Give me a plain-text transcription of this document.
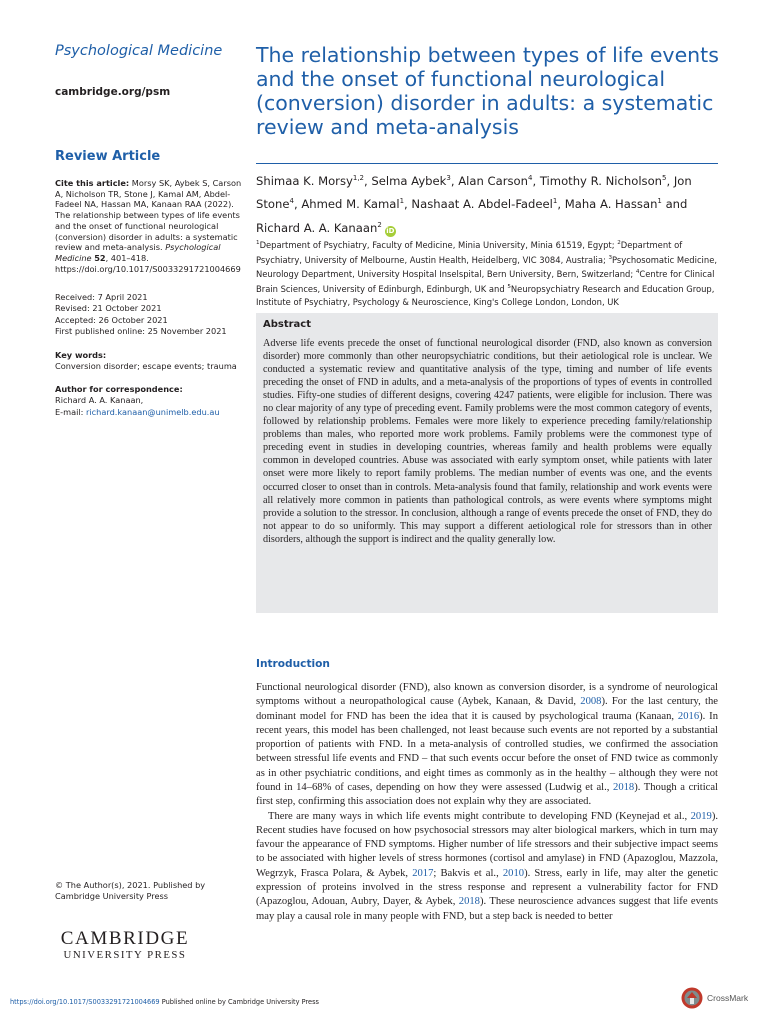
Psychological Medicine
cambridge.org/psm
Review Article
Cite this article: Morsy SK, Aybek S, Carson A, Nicholson TR, Stone J, Kamal AM, Abdel-Fadeel NA, Hassan MA, Kanaan RAA (2022). The relationship between types of life events and the onset of functional neurological (conversion) disorder in adults: a systematic review and meta-analysis. Psychological Medicine 52, 401–418. https://doi.org/10.1017/S0033291721004669
Received: 7 April 2021
Revised: 21 October 2021
Accepted: 26 October 2021
First published online: 25 November 2021
Key words:
Conversion disorder; escape events; trauma
Author for correspondence:
Richard A. A. Kanaan,
E-mail: richard.kanaan@unimelb.edu.au
© The Author(s), 2021. Published by Cambridge University Press
CAMBRIDGE
UNIVERSITY PRESS
The relationship between types of life events and the onset of functional neurological (conversion) disorder in adults: a systematic review and meta-analysis
Shimaa K. Morsy$^{1,2}$, Selma Aybek$^3$, Alan Carson$^4$, Timothy R. Nicholson$^5$, Jon Stone$^4$, Ahmed M. Kamal$^1$, Nashaat A. Abdel-Fadeel$^1$, Maha A. Hassan$^1$ and Richard A. A. Kanaan$^2$iD
$^1$Department of Psychiatry, Faculty of Medicine, Minia University, Minia 61519, Egypt; $^2$Department of Psychiatry, University of Melbourne, Austin Health, Heidelberg, VIC 3084, Australia; $^3$Psychosomatic Medicine, Neurology Department, University Hospital Inselspital, Bern University, Bern, Switzerland; $^4$Centre for Clinical Brain Sciences, University of Edinburgh, Edinburgh, UK and $^5$Neuropsychiatry Research and Education Group, Institute of Psychiatry, Psychology & Neuroscience, King's College London, London, UK
Abstract
Adverse life events precede the onset of functional neurological disorder (FND, also known as conversion disorder) more commonly than other neuropsychiatric conditions, but their aetiological role is unclear. We conducted a systematic review and quantitative analysis of the type, timing and number of life events preceding the onset of FND in adults, and a meta-analysis of the proportions of types of events in controlled studies. Fifty-one studies of different designs, covering 4247 patients, were eligible for inclusion. There was no clear majority of any type of preceding event. Family problems were the most common category of events, followed by relationship problems. Females were more likely to experience preceding family/relationship problems than males, who reported more work problems. Family problems were the commonest type of preceding event in studies in developing countries, whereas family and health problems were equally common in developed countries. Abuse was associated with early symptom onset, while patients with later onset were more likely to report family problems. The median number of events was one, and the events occurred closer to onset than in controls. Meta-analysis found that family, relationship and work events were all relatively more common in patients than pathological controls, as were events where symptoms might provide a solution to the stressor. In conclusion, although a range of events precede the onset of FND, they do not appear to do so uniformly. This may support a different aetiological role for stressors than in other disorders, although the support is indirect and the quality generally low.
Introduction

Functional neurological disorder (FND), also known as conversion disorder, is a syndrome of neurological symptoms without a neuropathological cause (Aybek, Kanaan, & David, 2008). For the last century, the dominant model for FND has been the idea that it is caused by psychological trauma (Kanaan, 2016). In recent years, this model has been challenged, not least because such events are not reported by a substantial proportion of patients with FND. In a meta-analysis of controlled studies, we confirmed the association between stressful life events and FND – that such events occur before the onset of FND twice as commonly as in other psychiatric conditions, and eight times as commonly as in the healthy – although they were not found in 14–68% of cases, depending on how they were assessed (Ludwig et al., 2018). Though a critical first step, confirming this association does not explain why they are associated.

There are many ways in which life events might contribute to developing FND (Keynejad et al., 2019). Recent studies have focused on how psychosocial stressors may alter biological markers, which in turn may favour the appearance of FND symptoms. Higher number of life stressors and their subjective impact seems to be associated with higher levels of stress hormones (cortisol and amylase) in FND (Apazoglou, Mazzola, Wegrzyk, Frasca Polara, & Aybek, 2017; Bakvis et al., 2010). Stress, early in life, may alter the genetic expression of proteins involved in the stress response and represent a vulnerability factor for FND (Apazoglou, Adouan, Aubry, Dayer, & Aybek, 2018). These neuroscience advances suggest that life events may play a causal role in many people with FND, but a step back is needed to better

https://doi.org/10.1017/S0033291721004669 Published online by Cambridge University Press	CrossMark
